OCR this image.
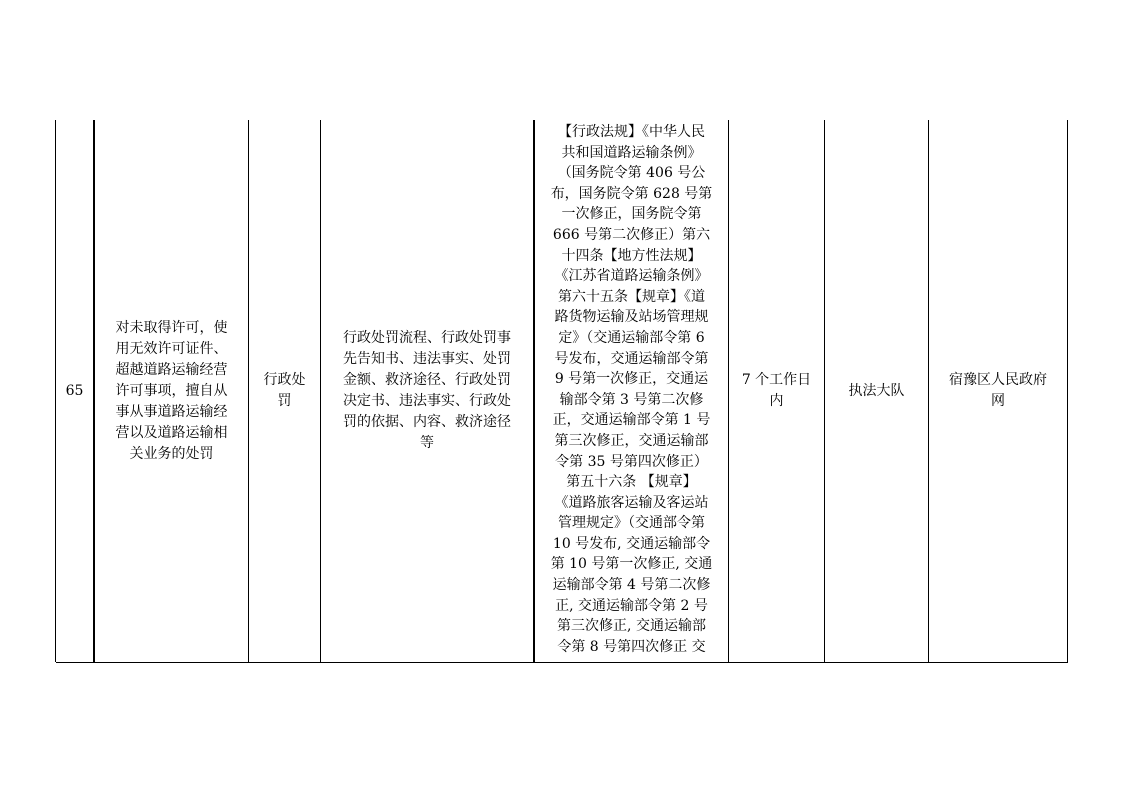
65
对未取得许可，使
用无效许可证件、
超越道路运输经营
许可事项，擅自从
事从事道路运输经
营以及道路运输相
关业务的处罚
行政处
罚
行政处罚流程、行政处罚事
先告知书、违法事实、处罚
金额、救济途径、行政处罚
决定书、违法事实、行政处
罚的依据、内容、救济途径
等
【行政法规】《中华人民
共和国道路运输条例》
（国务院令第 406 号公
布，国务院令第 628 号第
一次修正，国务院令第
666 号第二次修正）第六
十四条【地方性法规】
《江苏省道路运输条例》
第六十五条【规章】《道
路货物运输及站场管理规
定》（交通运输部令第 6
号发布，交通运输部令第
9 号第一次修正，交通运
输部令第 3 号第二次修
正，交通运输部令第 1 号
第三次修正，交通运输部
令第 35 号第四次修正）
第五十六条 【规章】
《道路旅客运输及客运站
管理规定》（交通部令第
10 号发布, 交通运输部令
第 10 号第一次修正, 交通
运输部令第 4 号第二次修
正, 交通运输部令第 2 号
第三次修正, 交通运输部
令第 8 号第四次修正 交
7 个工作日
内
执法大队
宿豫区人民政府
网
